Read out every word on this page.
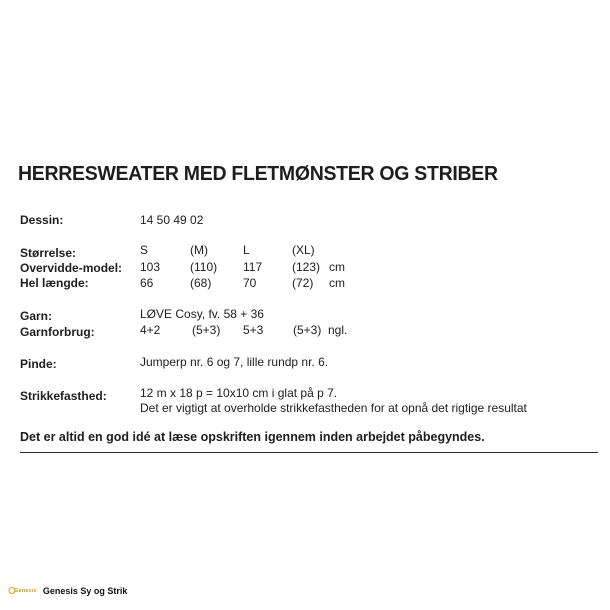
HERRESWEATER MED FLETMØNSTER OG STRIBER
Dessin:	14 50 49 02
Størrelse:	S	(M)	L	(XL)
Overvidde-model: 103 (110) 117 (123) cm
Hel længde:	66	(68)	70	(72) cm
Garn:	LØVE Cosy, fv. 58 + 36
Garnforbrug:	4+2	(5+3) 5+3 (5+3) ngl.
Pinde:	Jumperp nr. 6 og 7, lille rundp nr. 6.
Strikkefasthed:	12 m x 18 p = 10x10 cm i glat på p 7.
Det er vigtigt at overholde strikkefastheden for at opnå det rigtige resultat
Det er altid en god idé at læse opskriften igennem inden arbejdet påbegyndes.
Genesis Genesis Sy og Strik
